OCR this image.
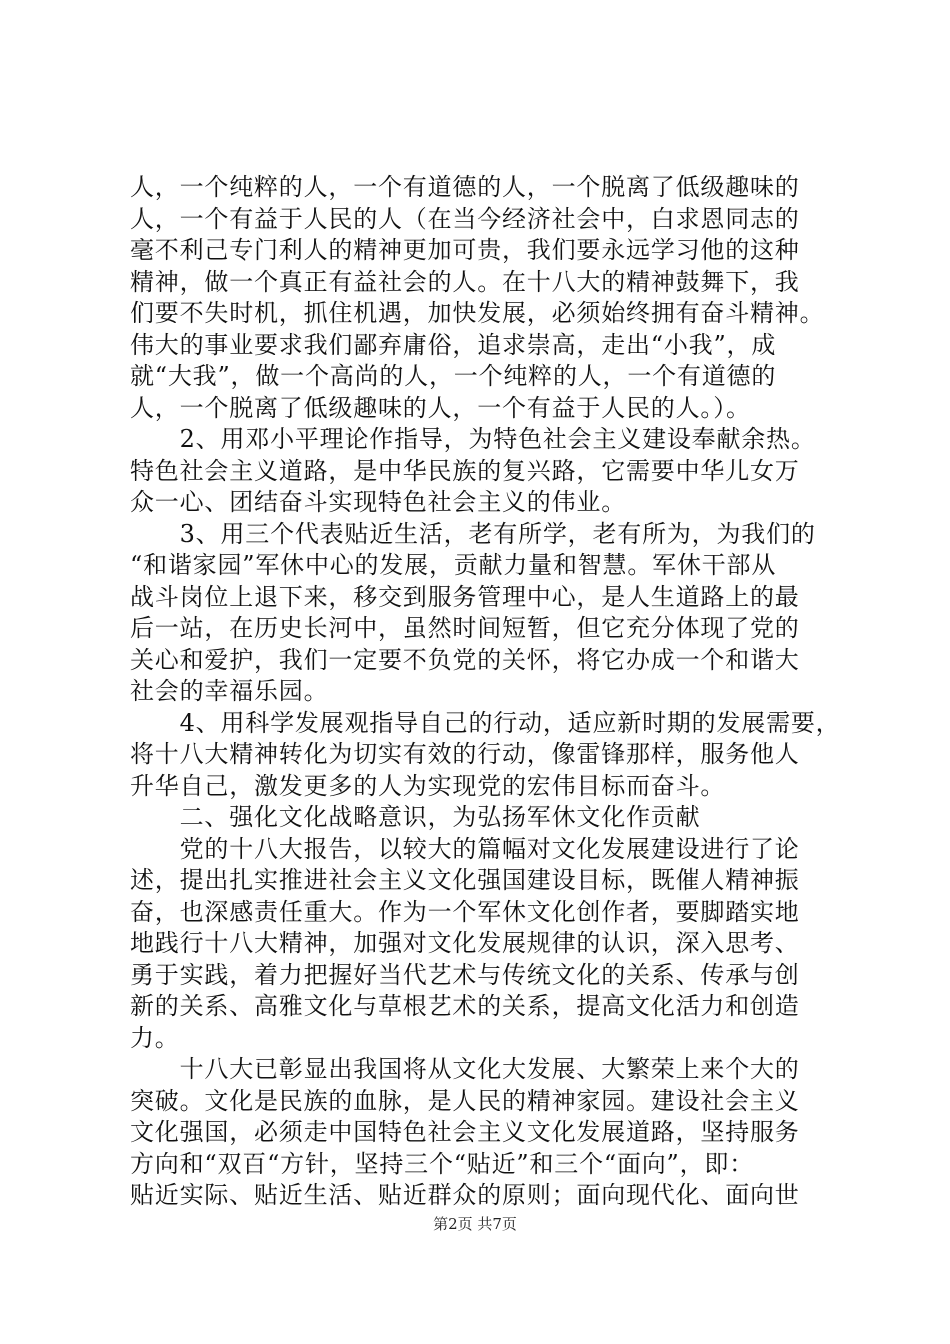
人，一个纯粹的人，一个有道德的人，一个脱离了低级趣味的
人，一个有益于人民的人（在当今经济社会中，白求恩同志的
毫不利己专门利人的精神更加可贵，我们要永远学习他的这种
精神，做一个真正有益社会的人。在十八大的精神鼓舞下，我
们要不失时机，抓住机遇，加快发展，必须始终拥有奋斗精神。
伟大的事业要求我们鄙弃庸俗，追求崇高，走出“小我”，成
就“大我”，做一个高尚的人，一个纯粹的人，一个有道德的
人，一个脱离了低级趣味的人，一个有益于人民的人。）。
　　2、用邓小平理论作指导，为特色社会主义建设奉献余热。
特色社会主义道路，是中华民族的复兴路，它需要中华儿女万
众一心、团结奋斗实现特色社会主义的伟业。
　　3、用三个代表贴近生活，老有所学，老有所为，为我们的
“和谐家园”军休中心的发展，贡献力量和智慧。军休干部从
战斗岗位上退下来，移交到服务管理中心，是人生道路上的最
后一站，在历史长河中，虽然时间短暂，但它充分体现了党的
关心和爱护，我们一定要不负党的关怀，将它办成一个和谐大
社会的幸福乐园。
　　4、用科学发展观指导自己的行动，适应新时期的发展需要，
将十八大精神转化为切实有效的行动，像雷锋那样，服务他人
升华自己，激发更多的人为实现党的宏伟目标而奋斗。
　　二、强化文化战略意识，为弘扬军休文化作贡献
　　党的十八大报告，以较大的篇幅对文化发展建设进行了论
述，提出扎实推进社会主义文化强国建设目标，既催人精神振
奋，也深感责任重大。作为一个军休文化创作者，要脚踏实地
地践行十八大精神，加强对文化发展规律的认识，深入思考、
勇于实践，着力把握好当代艺术与传统文化的关系、传承与创
新的关系、高雅文化与草根艺术的关系，提高文化活力和创造
力。
　　十八大已彰显出我国将从文化大发展、大繁荣上来个大的
突破。文化是民族的血脉，是人民的精神家园。建设社会主义
文化强国，必须走中国特色社会主义文化发展道路，坚持服务
方向和“双百“方针，坚持三个“贴近”和三个“面向”，即：
贴近实际、贴近生活、贴近群众的原则；面向现代化、面向世
第2页 共7页
